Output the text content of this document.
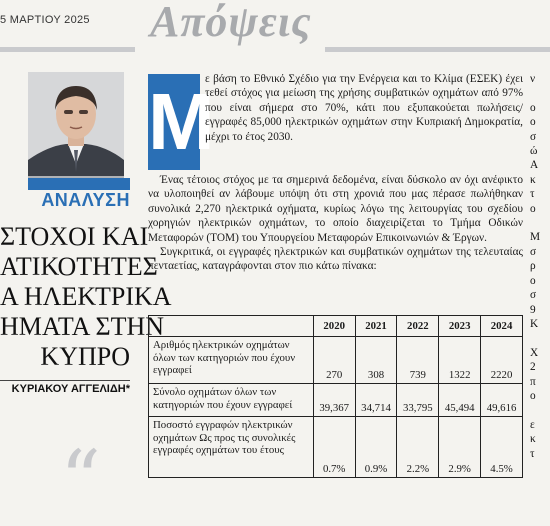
5 ΜΑΡΤΙΟΥ 2025	Απόψεις
ΑΝΑΛΥΣΗ
ΣΤΟΧΟΙ ΚΑΙ
ΑΤΙΚΟΤΗΤΕΣ
Α ΗΛΕΚΤΡΙΚΑ
ΗΜΑΤΑ ΣΤΗΝ
ΚΥΠΡΟ
ΚΥΡΙΑΚΟΥ ΑΓΓΕΛΙΔΗ*
“
Μ
ε βάση το Εθνικό Σχέδιο για την Ενέργεια και το Κλίμα (ΕΣΕΚ) έχει τεθεί στόχος για μείωση της χρήσης συμβατικών οχημάτων από 97% που είναι σήμερα στο 70%, κάτι που εξυπακούεται πωλήσεις/εγγραφές 85,000 ηλεκτρικών οχημάτων στην Κυπριακή Δημοκρατία, μέχρι το έτος 2030.

Ένας τέτοιος στόχος με τα σημερινά δεδομένα, είναι δύσκολο αν όχι ανέφικτο να υλοποιηθεί αν λάβουμε υπόψη ότι στη χρονιά που μας πέρασε πωλήθηκαν συνολικά 2,270 ηλεκτρικά οχήματα, κυρίως λόγω της λειτουργίας του σχεδίου χορηγιών ηλεκτρικών οχημάτων, το οποίο διαχειρίζεται το Τμήμα Οδικών Μεταφορών (ΤΟΜ) του Υπουργείου Μεταφορών Επικοινωνιών & Έργων.

Συγκριτικά, οι εγγραφές ηλεκτρικών και συμβατικών οχημάτων της τελευταίας πενταετίας, καταγράφονται στον πιο κάτω πίνακα:

	2020	2021	2022	2023	2024
Αριθμός ηλεκτρικών οχημάτων όλων των κατηγοριών που έχουν εγγραφεί	270	308	739	1322	2220
Σύνολο οχημάτων όλων των κατηγοριών που έχουν εγγραφεί	39,367	34,714	33,795	45,494	49,616
Ποσοστό εγγραφών ηλεκτρικών οχημάτων Ως προς τις συνολικές εγγραφές οχημάτων του έτους	0.7%	0.9%	2.2%	2.9%	4.5%
ν

ο
ο
σ
ώ
Α
κ
τ
ο

Μ
σ
ρ
ο
σ
9
Κ

Χ
2
π
ο

ε
κ
τ
